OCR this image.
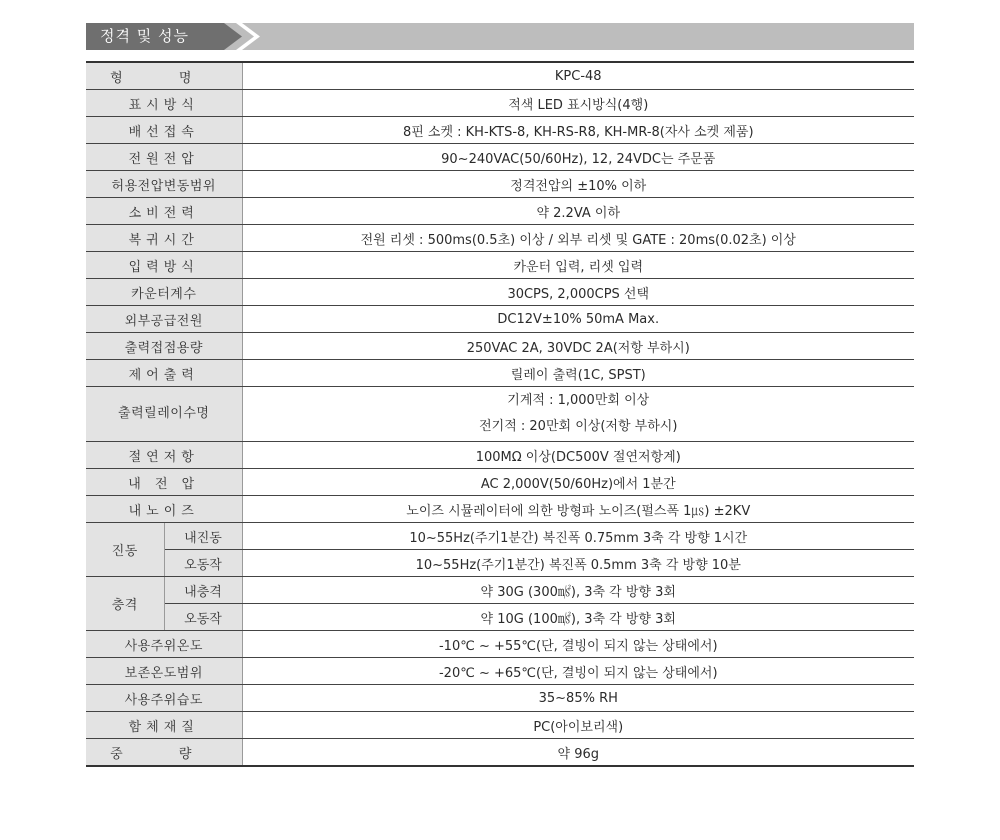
정격 및 성능
형 명		KPC-48
표시방식		적색 LED 표시방식(4행)
배선접속		8핀 소켓 : KH-KTS-8, KH-RS-R8, KH-MR-8(자사 소켓 제품)
전원전압		90~240VAC(50/60Hz), 12, 24VDC는 주문품
허용전압변동범위		정격전압의 ±10% 이하
소비전력		약 2.2VA 이하
복귀시간		전원 리셋 : 500ms(0.5초) 이상 / 외부 리셋 및 GATE : 20ms(0.02초) 이상
입력방식		카운터 입력, 리셋 입력
카운터계수		30CPS, 2,000CPS 선택
외부공급전원		DC12V±10% 50mA Max.
출력접점용량		250VAC 2A, 30VDC 2A(저항 부하시)
제어출력		릴레이 출력(1C, SPST)
출력릴레이수명		기계적 : 1,000만회 이상
전기적 : 20만회 이상(저항 부하시)

절연저항		100MΩ 이상(DC500V 절연저항계)
내 전 압		AC 2,000V(50/60Hz)에서 1분간
내노이즈		노이즈 시뮬레이터에 의한 방형파 노이즈(펄스폭 1㎲) ±2KV
진동	내진동	10~55Hz(주기1분간) 복진폭 0.75mm 3축 각 방향 1시간
	오동작	10~55Hz(주기1분간) 복진폭 0.5mm 3축 각 방향 10분
충격	내충격	약 30G (300㎨), 3축 각 방향 3회
	오동작	약 10G (100㎨), 3축 각 방향 3회
사용주위온도		-10℃ ~ +55℃(단, 결빙이 되지 않는 상태에서)
보존온도범위		-20℃ ~ +65℃(단, 결빙이 되지 않는 상태에서)
사용주위습도		35~85% RH
함체재질		PC(아이보리색)
중 량		약 96g
